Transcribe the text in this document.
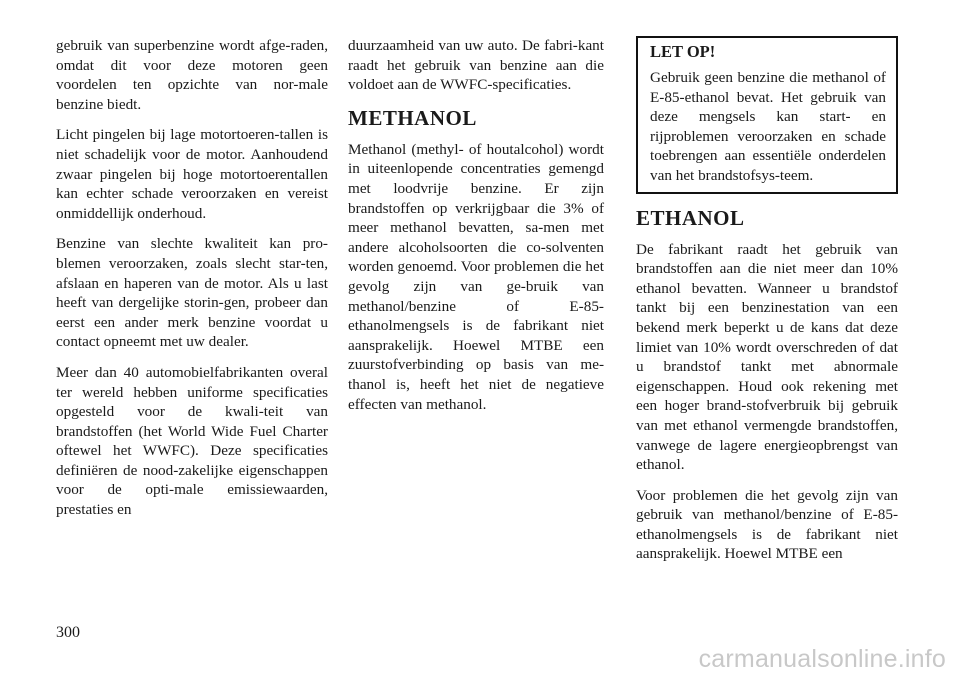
gebruik van superbenzine wordt afge-raden, omdat dit voor deze motoren geen voordelen ten opzichte van nor-male benzine biedt.

Licht pingelen bij lage motortoeren-tallen is niet schadelijk voor de motor. Aanhoudend zwaar pingelen bij hoge motortoerentallen kan echter schade veroorzaken en vereist onmiddellijk onderhoud.

Benzine van slechte kwaliteit kan pro-blemen veroorzaken, zoals slecht star-ten, afslaan en haperen van de motor. Als u last heeft van dergelijke storin-gen, probeer dan eerst een ander merk benzine voordat u contact opneemt met uw dealer.

Meer dan 40 automobielfabrikanten overal ter wereld hebben uniforme specificaties opgesteld voor de kwali-teit van brandstoffen (het World Wide Fuel Charter oftewel het WWFC). Deze specificaties definiëren de nood-zakelijke eigenschappen voor de opti-male emissiewaarden, prestaties en

duurzaamheid van uw auto. De fabri-kant raadt het gebruik van benzine aan die voldoet aan de WWFC-specificaties.

METHANOL

Methanol (methyl- of houtalcohol) wordt in uiteenlopende concentraties gemengd met loodvrije benzine. Er zijn brandstoffen op verkrijgbaar die 3% of meer methanol bevatten, sa-men met andere alcoholsoorten die co-solventen worden genoemd. Voor problemen die het gevolg zijn van ge-bruik van methanol/benzine of E-85-ethanolmengsels is de fabrikant niet aansprakelijk. Hoewel MTBE een zuurstofverbinding op basis van me-thanol is, heeft het niet de negatieve effecten van methanol.

LET OP!

Gebruik geen benzine die methanol of E-85-ethanol bevat. Het gebruik van deze mengsels kan start- en rijproblemen veroorzaken en schade toebrengen aan essentiële onderdelen van het brandstofsys-teem.

ETHANOL

De fabrikant raadt het gebruik van brandstoffen aan die niet meer dan 10% ethanol bevatten. Wanneer u brandstof tankt bij een benzinestation van een bekend merk beperkt u de kans dat deze limiet van 10% wordt overschreden of dat u brandstof tankt met abnormale eigenschappen. Houd ook rekening met een hoger brand-stofverbruik bij gebruik van met ethanol vermengde brandstoffen, vanwege de lagere energieopbrengst van ethanol.

Voor problemen die het gevolg zijn van gebruik van methanol/benzine of E-85-ethanolmengsels is de fabrikant niet aansprakelijk. Hoewel MTBE een

300
carmanualsonline.info
